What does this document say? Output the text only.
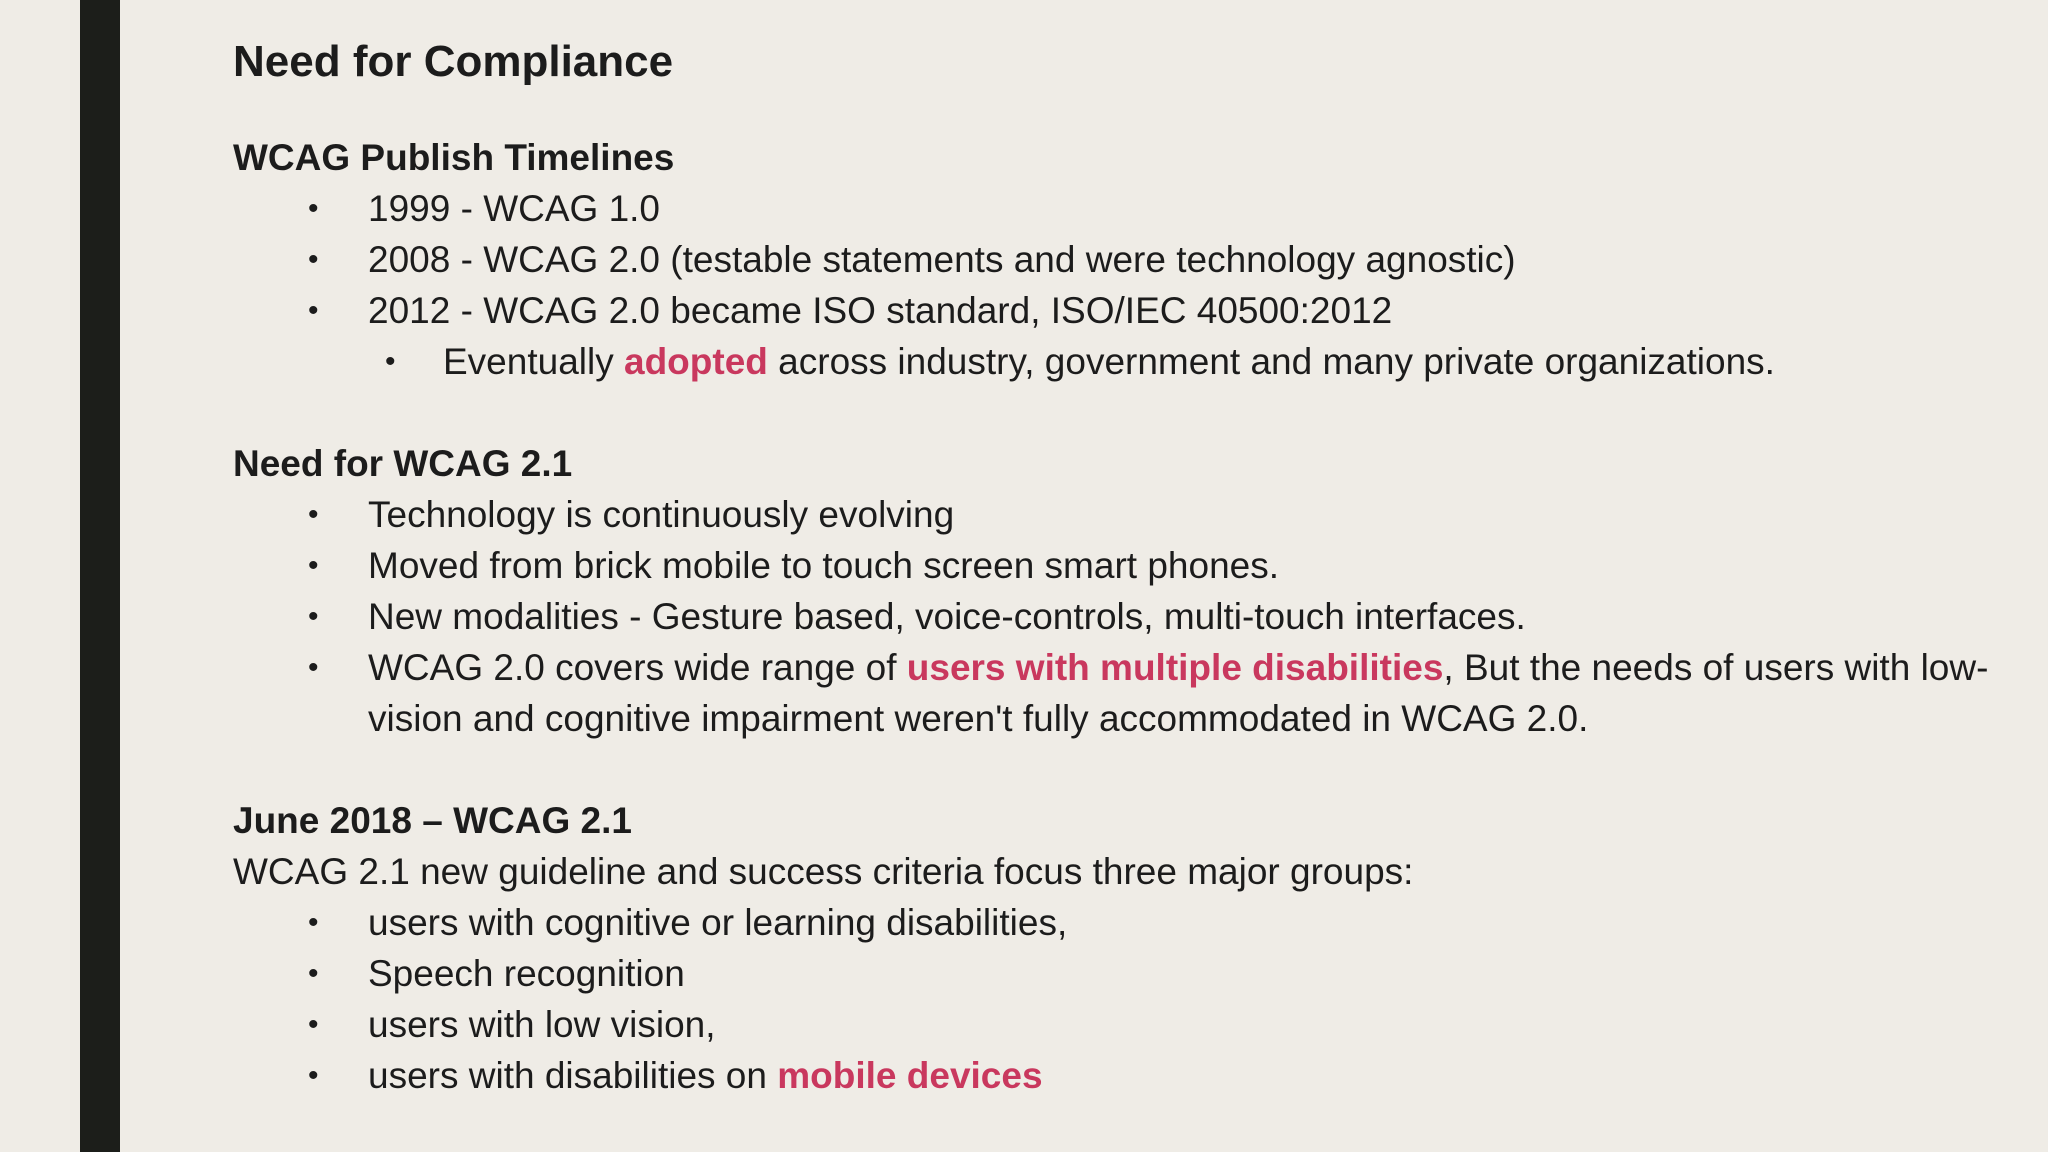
Need for Compliance
WCAG Publish Timelines
• 1999 - WCAG 1.0
• 2008 - WCAG 2.0 (testable statements and were technology agnostic)
• 2012 - WCAG 2.0 became ISO standard, ISO/IEC 40500:2012
• Eventually adopted across industry, government and many private organizations.
Need for WCAG 2.1
• Technology is continuously evolving
• Moved from brick mobile to touch screen smart phones.
• New modalities - Gesture based, voice-controls, multi-touch interfaces.
• WCAG 2.0 covers wide range of users with multiple disabilities, But the needs of users with low-vision and cognitive impairment weren't fully accommodated in WCAG 2.0.
June 2018 – WCAG 2.1
WCAG 2.1 new guideline and success criteria focus three major groups:
• users with cognitive or learning disabilities,
• Speech recognition
• users with low vision,
• users with disabilities on mobile devices
